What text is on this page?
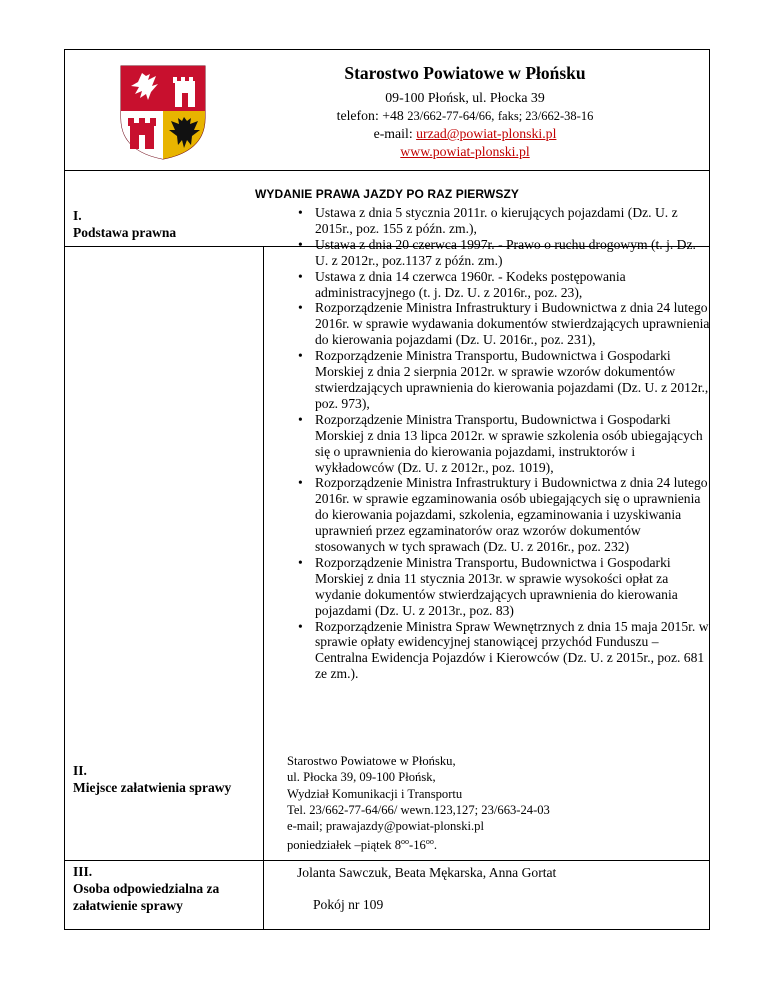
Starostwo Powiatowe w Płońsku
09-100 Płońsk, ul. Płocka 39
telefon: +48 23/662-77-64/66, faks; 23/662-38-16
e-mail: urzad@powiat-plonski.pl
www.powiat-plonski.pl
WYDANIE PRAWA JAZDY PO RAZ PIERWSZY
I.
Podstawa prawna
• Ustawa z dnia 5 stycznia 2011r. o kierujących pojazdami (Dz. U. z 2015r., poz. 155 z późn. zm.),
• Ustawa z dnia 20 czerwca 1997r. - Prawo o ruchu drogowym (t. j. Dz. U. z 2012r., poz.1137 z późn. zm.)
• Ustawa z dnia 14 czerwca 1960r. - Kodeks postępowania administracyjnego (t. j. Dz. U. z 2016r., poz. 23),
• Rozporządzenie Ministra Infrastruktury i Budownictwa z dnia 24 lutego 2016r. w sprawie wydawania dokumentów stwierdzających uprawnienia do kierowania pojazdami (Dz. U. 2016r., poz. 231),
• Rozporządzenie Ministra Transportu, Budownictwa i Gospodarki Morskiej z dnia 2 sierpnia 2012r. w sprawie wzorów dokumentów stwierdzających uprawnienia do kierowania pojazdami (Dz. U. z 2012r., poz. 973),
• Rozporządzenie Ministra Transportu, Budownictwa i Gospodarki Morskiej z dnia 13 lipca 2012r. w sprawie szkolenia osób ubiegających się o uprawnienia do kierowania pojazdami, instruktorów i wykładowców (Dz. U. z 2012r., poz. 1019),
• Rozporządzenie Ministra Infrastruktury i Budownictwa z dnia 24 lutego 2016r. w sprawie egzaminowania osób ubiegających się o uprawnienia do kierowania pojazdami, szkolenia, egzaminowania i uzyskiwania uprawnień przez egzaminatorów oraz wzorów dokumentów stosowanych w tych sprawach (Dz. U. z 2016r., poz. 232)
• Rozporządzenie Ministra Transportu, Budownictwa i Gospodarki Morskiej z dnia 11 stycznia 2013r. w sprawie wysokości opłat za wydanie dokumentów stwierdzających uprawnienia do kierowania pojazdami (Dz. U. z 2013r., poz. 83)
• Rozporządzenie Ministra Spraw Wewnętrznych z dnia 15 maja 2015r. w sprawie opłaty ewidencyjnej stanowiącej przychód Funduszu – Centralna Ewidencja Pojazdów i Kierowców (Dz. U. z 2015r., poz. 681 ze zm.).
II.
Miejsce załatwienia sprawy
Starostwo Powiatowe w Płońsku,
ul. Płocka 39, 09-100 Płońsk,
Wydział Komunikacji i Transportu
Tel. 23/662-77-64/66/ wewn.123,127; 23/663-24-03
e-mail; prawajazdy@powiat-plonski.pl
poniedziałek –piątek $8^{oo}-16^{oo}$.
III.
Osoba odpowiedzialna za
załatwienie sprawy
Jolanta Sawczuk, Beata Mękarska, Anna Gortat
Pokój nr 109
